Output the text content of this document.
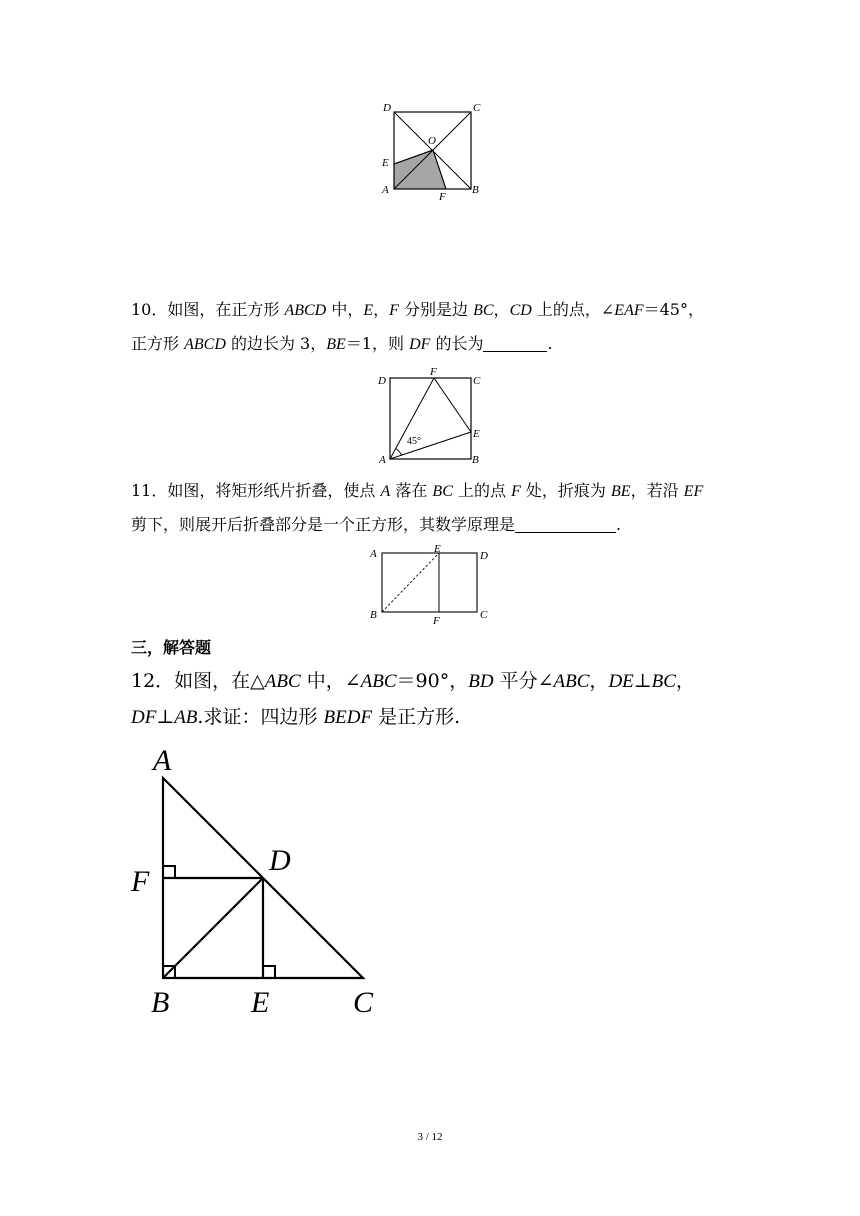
D	C
O
E
A
F
B
10．如图，在正方形 ABCD 中，E，F 分别是边 BC，CD 上的点，∠EAF＝45°，
正方形 ABCD 的边长为 3，BE＝1，则 DF 的长为	.
45°
D
F
C
E
A	B
11．如图，将矩形纸片折叠，使点 A 落在 BC 上的点 F 处，折痕为 BE，若沿 EF
剪下，则展开后折叠部分是一个正方形，其数学原理是	.
A	E
D
B	F	C
三，解答题
12．如图，在△ABC 中，∠ABC＝90°，BD 平分∠ABC，DE⊥BC，
DF⊥AB.求证：四边形 BEDF 是正方形.
A
F
D
B	E	C
3 / 12
